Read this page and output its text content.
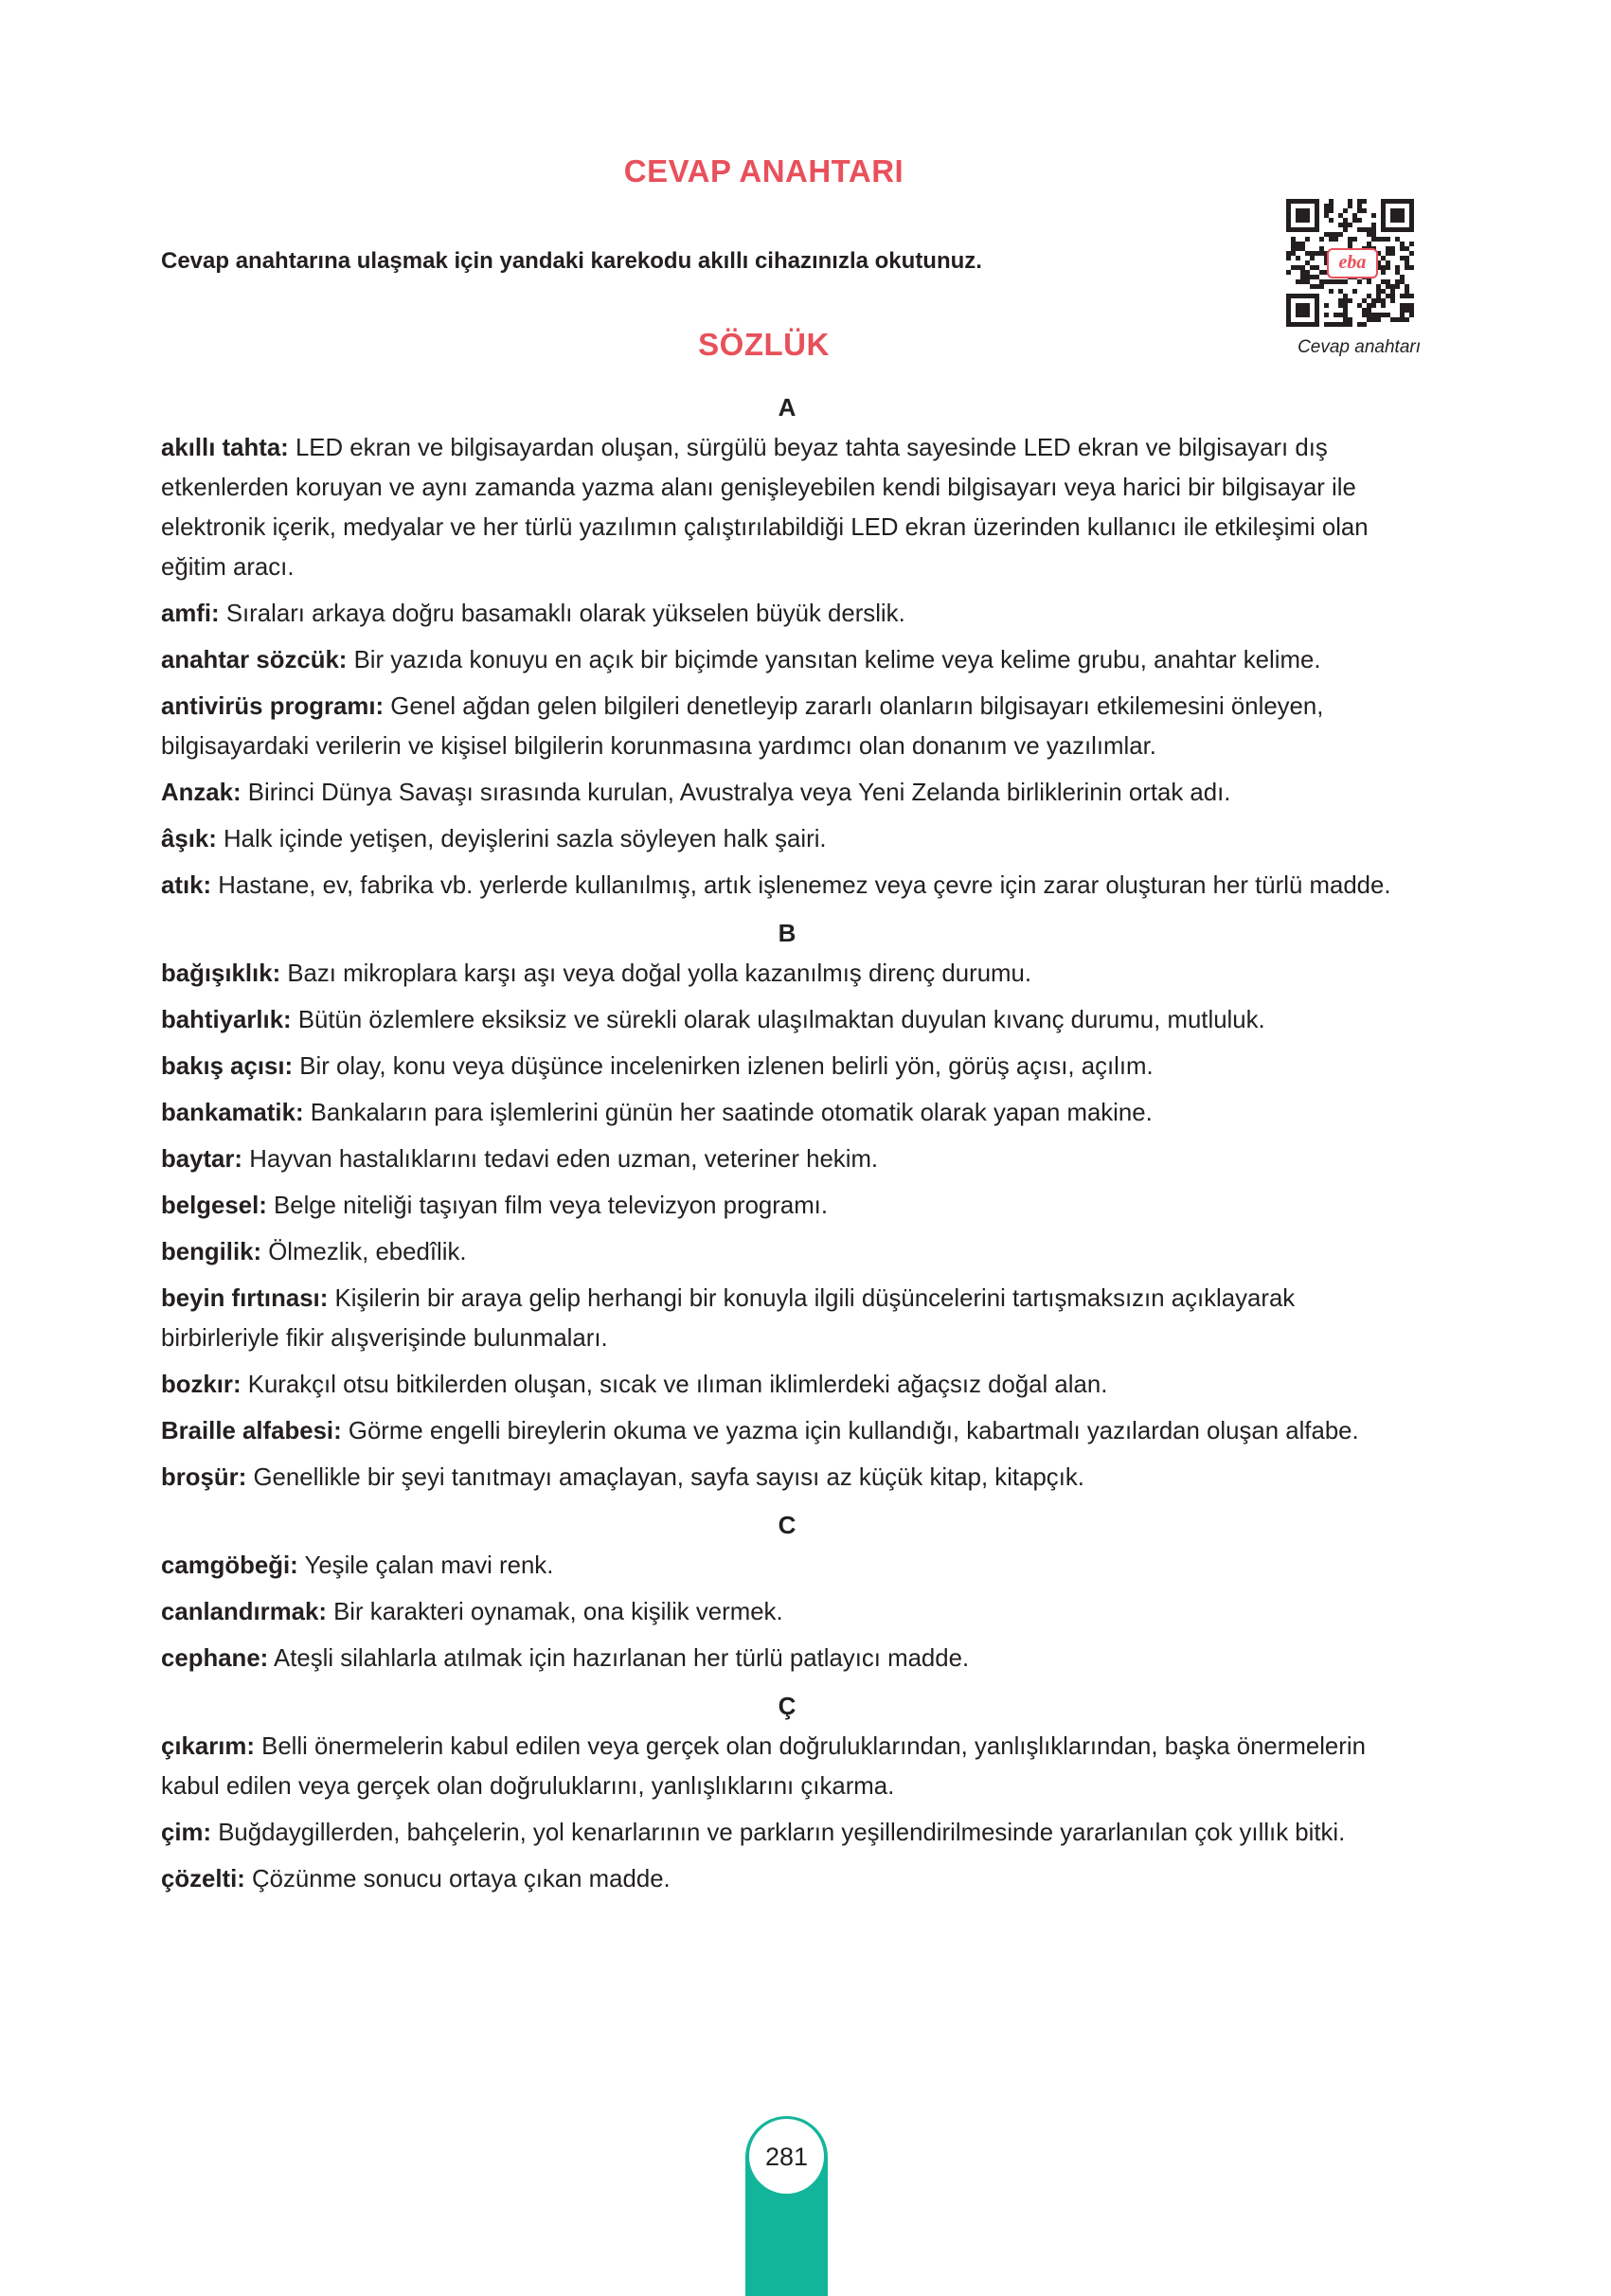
CEVAP ANAHTARI
Cevap anahtarına ulaşmak için yandaki karekodu akıllı cihazınızla okutunuz.	eba
Cevap anahtarı
SÖZLÜK
A

akıllı tahta: LED ekran ve bilgisayardan oluşan, sürgülü beyaz tahta sayesinde LED ekran ve bilgisayarı dış etkenlerden koruyan ve aynı zamanda yazma alanı genişleyebilen kendi bilgisayarı veya harici bir bilgisayar ile elektronik içerik, medyalar ve her türlü yazılımın çalıştırılabildiği LED ekran üzerinden kullanıcı ile etkileşimi olan eğitim aracı.

amfi: Sıraları arkaya doğru basamaklı olarak yükselen büyük derslik.

anahtar sözcük: Bir yazıda konuyu en açık bir biçimde yansıtan kelime veya kelime grubu, anahtar kelime.

antivirüs programı: Genel ağdan gelen bilgileri denetleyip zararlı olanların bilgisayarı etkilemesini önleyen, bilgisayardaki verilerin ve kişisel bilgilerin korunmasına yardımcı olan donanım ve yazılımlar.

Anzak: Birinci Dünya Savaşı sırasında kurulan, Avustralya veya Yeni Zelanda birliklerinin ortak adı.

âşık: Halk içinde yetişen, deyişlerini sazla söyleyen halk şairi.

atık: Hastane, ev, fabrika vb. yerlerde kullanılmış, artık işlenemez veya çevre için zarar oluşturan her türlü madde.

B

bağışıklık: Bazı mikroplara karşı aşı veya doğal yolla kazanılmış direnç durumu.

bahtiyarlık: Bütün özlemlere eksiksiz ve sürekli olarak ulaşılmaktan duyulan kıvanç durumu, mutluluk.

bakış açısı: Bir olay, konu veya düşünce incelenirken izlenen belirli yön, görüş açısı, açılım.

bankamatik: Bankaların para işlemlerini günün her saatinde otomatik olarak yapan makine.

baytar: Hayvan hastalıklarını tedavi eden uzman, veteriner hekim.

belgesel: Belge niteliği taşıyan film veya televizyon programı.

bengilik: Ölmezlik, ebedîlik.

beyin fırtınası: Kişilerin bir araya gelip herhangi bir konuyla ilgili düşüncelerini tartışmaksızın açıklayarak birbirleriyle fikir alışverişinde bulunmaları.

bozkır: Kurakçıl otsu bitkilerden oluşan, sıcak ve ılıman iklimlerdeki ağaçsız doğal alan.

Braille alfabesi: Görme engelli bireylerin okuma ve yazma için kullandığı, kabartmalı yazılardan oluşan alfabe.

broşür: Genellikle bir şeyi tanıtmayı amaçlayan, sayfa sayısı az küçük kitap, kitapçık.

C

camgöbeği: Yeşile çalan mavi renk.

canlandırmak: Bir karakteri oynamak, ona kişilik vermek.

cephane: Ateşli silahlarla atılmak için hazırlanan her türlü patlayıcı madde.

Ç

çıkarım: Belli önermelerin kabul edilen veya gerçek olan doğruluklarından, yanlışlıklarından, başka önermelerin kabul edilen veya gerçek olan doğruluklarını, yanlışlıklarını çıkarma.

çim: Buğdaygillerden, bahçelerin, yol kenarlarının ve parkların yeşillendirilmesinde yararlanılan çok yıllık bitki.

çözelti: Çözünme sonucu ortaya çıkan madde.

281
